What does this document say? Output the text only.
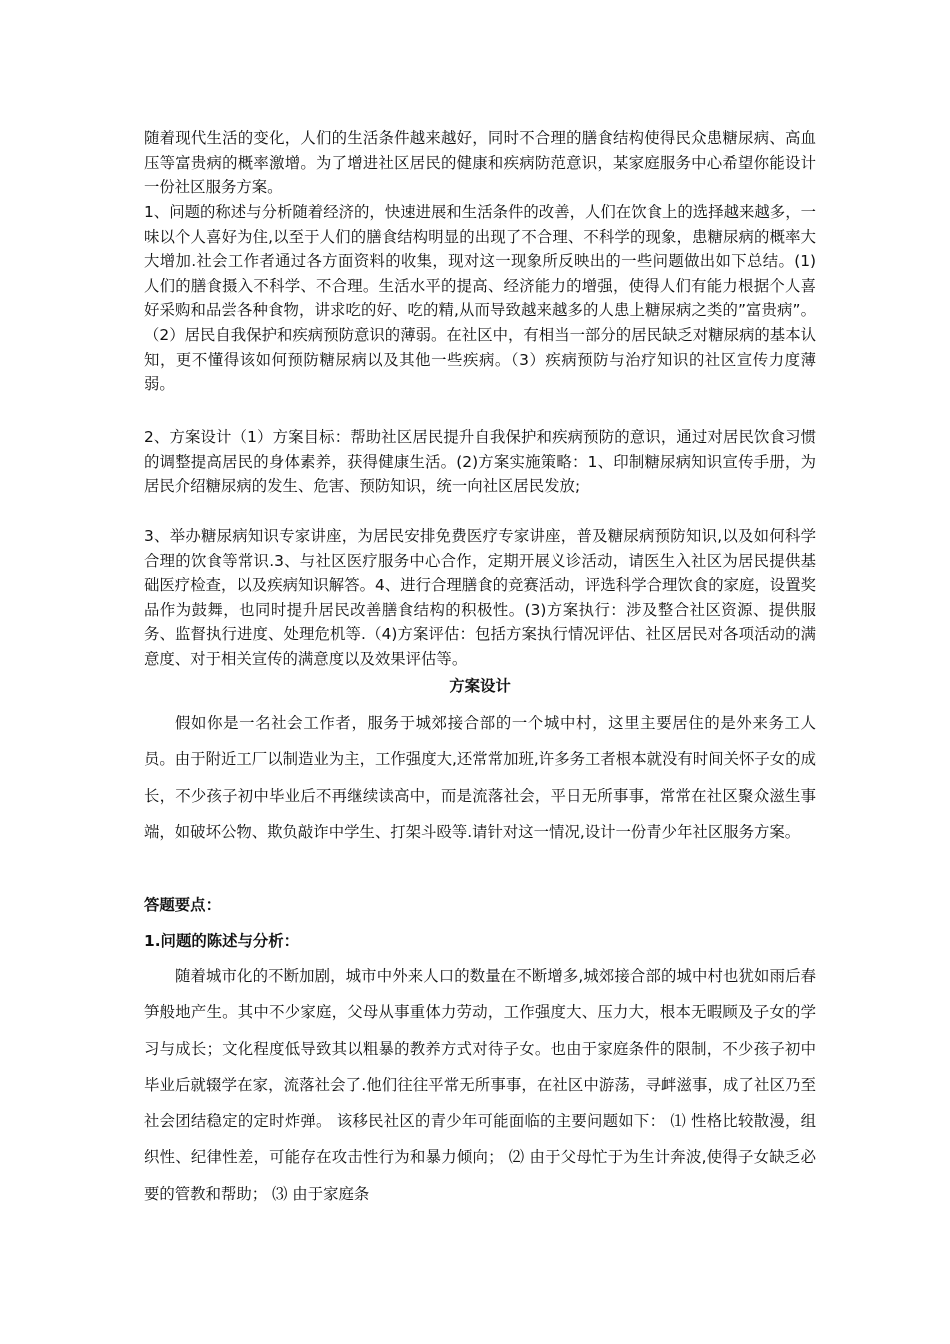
随着现代生活的变化，人们的生活条件越来越好，同时不合理的膳食结构使得民众患糖尿病、高血压等富贵病的概率激增。为了增进社区居民的健康和疾病防范意识，某家庭服务中心希望你能设计一份社区服务方案。

1、问题的称述与分析随着经济的，快速进展和生活条件的改善，人们在饮食上的选择越来越多，一味以个人喜好为住,以至于人们的膳食结构明显的出现了不合理、不科学的现象，患糖尿病的概率大大增加.社会工作者通过各方面资料的收集，现对这一现象所反映出的一些问题做出如下总结。(1)人们的膳食摄入不科学、不合理。生活水平的提高、经济能力的增强，使得人们有能力根据个人喜好采购和品尝各种食物，讲求吃的好、吃的精,从而导致越来越多的人患上糖尿病之类的”富贵病”。（2）居民自我保护和疾病预防意识的薄弱。在社区中，有相当一部分的居民缺乏对糖尿病的基本认知，更不懂得该如何预防糖尿病以及其他一些疾病。（3）疾病预防与治疗知识的社区宣传力度薄弱。

2、方案设计（1）方案目标：帮助社区居民提升自我保护和疾病预防的意识，通过对居民饮食习惯的调整提高居民的身体素养，获得健康生活。(2)方案实施策略：1、印制糖尿病知识宣传手册，为居民介绍糖尿病的发生、危害、预防知识，统一向社区居民发放;

3、举办糖尿病知识专家讲座，为居民安排免费医疗专家讲座，普及糖尿病预防知识,以及如何科学合理的饮食等常识.3、与社区医疗服务中心合作，定期开展义诊活动，请医生入社区为居民提供基础医疗检查，以及疾病知识解答。4、进行合理膳食的竞赛活动，评选科学合理饮食的家庭，设置奖品作为鼓舞，也同时提升居民改善膳食结构的积极性。(3)方案执行：涉及整合社区资源、提供服务、监督执行进度、处理危机等.（4)方案评估：包括方案执行情况评估、社区居民对各项活动的满意度、对于相关宣传的满意度以及效果评估等。

方案设计

假如你是一名社会工作者，服务于城郊接合部的一个城中村，这里主要居住的是外来务工人员。由于附近工厂以制造业为主，工作强度大,还常常加班,许多务工者根本就没有时间关怀子女的成长，不少孩子初中毕业后不再继续读高中，而是流落社会，平日无所事事，常常在社区聚众滋生事端，如破坏公物、欺负敲诈中学生、打架斗殴等.请针对这一情况,设计一份青少年社区服务方案。

答题要点：

1.问题的陈述与分析：

随着城市化的不断加剧，城市中外来人口的数量在不断增多,城郊接合部的城中村也犹如雨后春笋般地产生。其中不少家庭，父母从事重体力劳动，工作强度大、压力大，根本无暇顾及子女的学习与成长；文化程度低导致其以粗暴的教养方式对待子女。也由于家庭条件的限制，不少孩子初中毕业后就辍学在家，流落社会了.他们往往平常无所事事，在社区中游荡，寻衅滋事，成了社区乃至社会团结稳定的定时炸弹。 该移民社区的青少年可能面临的主要问题如下： ⑴ 性格比较散漫，组织性、纪律性差，可能存在攻击性行为和暴力倾向； ⑵ 由于父母忙于为生计奔波,使得子女缺乏必要的管教和帮助； ⑶ 由于家庭条
